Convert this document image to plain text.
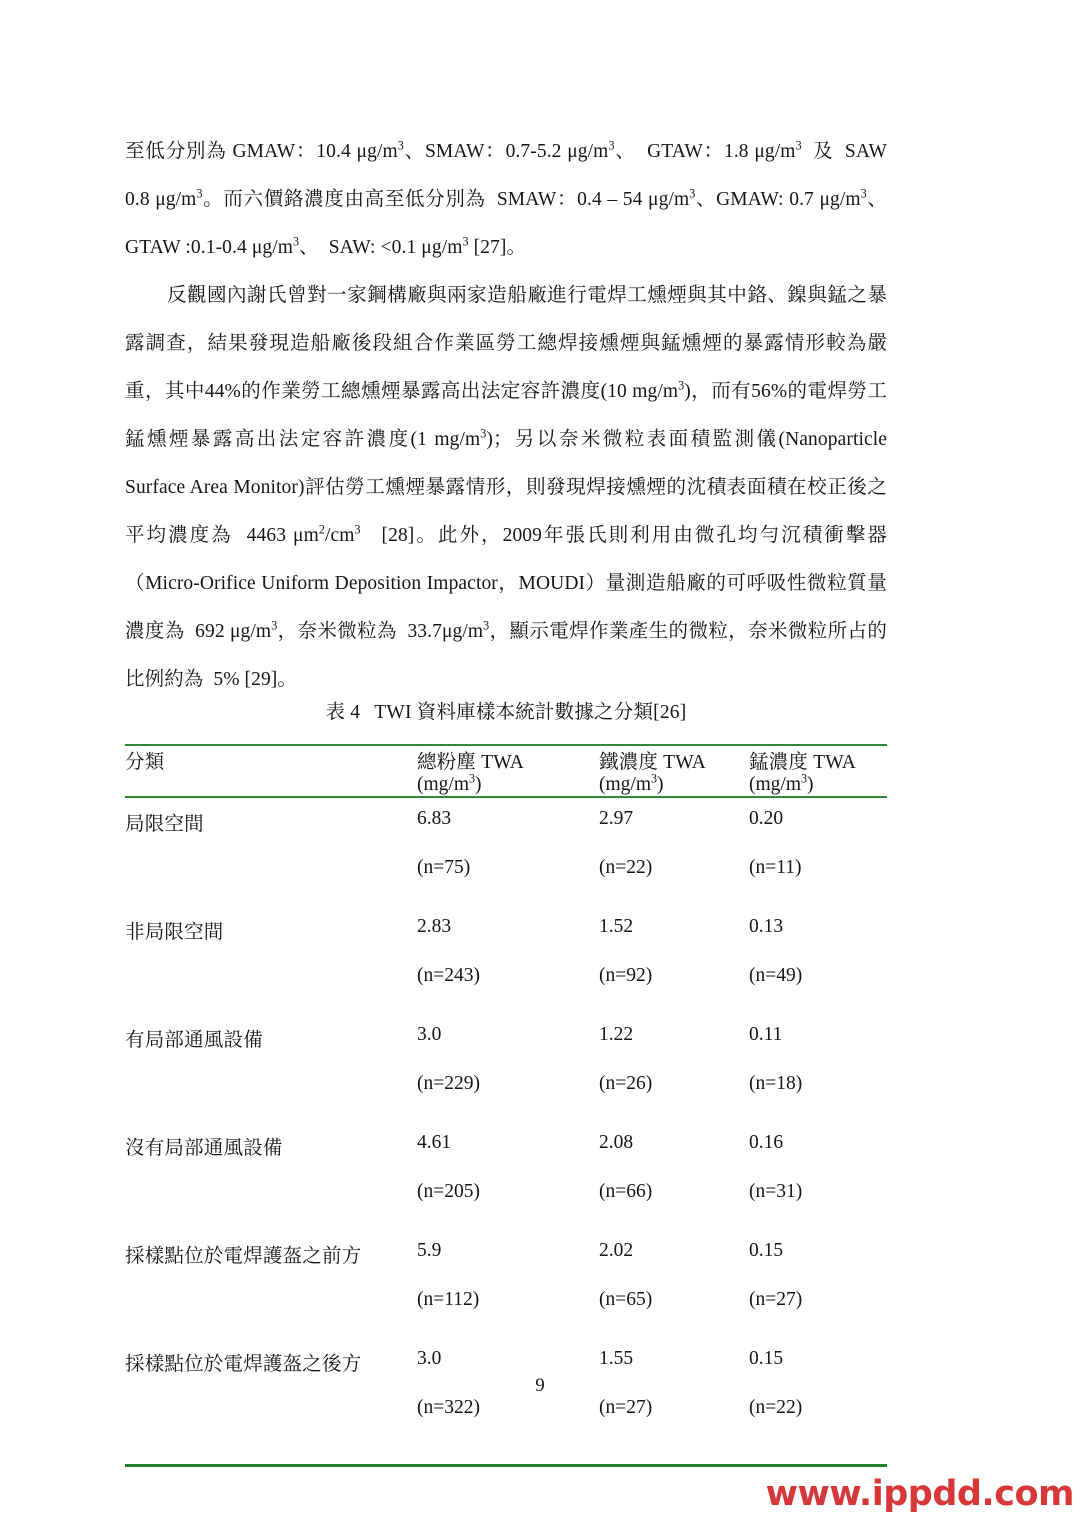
至低分別為 GMAW：10.4 $\mu g/m^3$、SMAW：0.7-5.2 $\mu g/m^3$、  GTAW：1.8 $\mu g/m^3$  及  SAW 0.8 $\mu g/m^3$。而六價鉻濃度由高至低分別為  SMAW：0.4 – 54 $\mu g/m^3$、GMAW: 0.7 $\mu g/m^3$、GTAW :0.1-0.4 $\mu g/m^3$、  SAW: <0.1 $\mu g/m^3$ [27]。

反觀國內謝氏曾對一家鋼構廠與兩家造船廠進行電焊工燻煙與其中鉻、鎳與錳之暴露調查，結果發現造船廠後段組合作業區勞工總焊接燻煙與錳燻煙的暴露情形較為嚴重，其中44%的作業勞工總燻煙暴露高出法定容許濃度(10 $mg/m^3$)，而有56%的電焊勞工錳燻煙暴露高出法定容許濃度(1 $mg/m^3$)；另以奈米微粒表面積監測儀(Nanoparticle Surface Area Monitor)評估勞工燻煙暴露情形，則發現焊接燻煙的沈積表面積在校正後之平均濃度為  4463 $\mu m^2/cm^3$   [28]。此外，2009年張氏則利用由微孔均勻沉積衝擊器（Micro-Orifice Uniform Deposition Impactor，MOUDI）量測造船廠的可呼吸性微粒質量濃度為  692 $\mu g/m^3$，奈米微粒為  $33.7\mu g/m^3$，顯示電焊作業產生的微粒，奈米微粒所占的比例約為  5% [29]。

表 4 TWI 資料庫樣本統計數據之分類[26]

分類	總粉塵 TWA	鐵濃度 TWA	錳濃度 TWA
	$(mg/m^3)$	$(mg/m^3)$	$(mg/m^3)$

局限空間	6.83	2.97	0.20
	(n=75)	(n=22)	(n=11)
非局限空間	2.83	1.52	0.13
	(n=243)	(n=92)	(n=49)
有局部通風設備	3.0	1.22	0.11
	(n=229)	(n=26)	(n=18)
沒有局部通風設備	4.61	2.08	0.16
	(n=205)	(n=66)	(n=31)
採樣點位於電焊護盔之前方	5.9	2.02	0.15
	(n=112)	(n=65)	(n=27)
採樣點位於電焊護盔之後方	3.0	1.55	0.15
	(n=322)	(n=27)	(n=22)

9
www.ippdd.com
